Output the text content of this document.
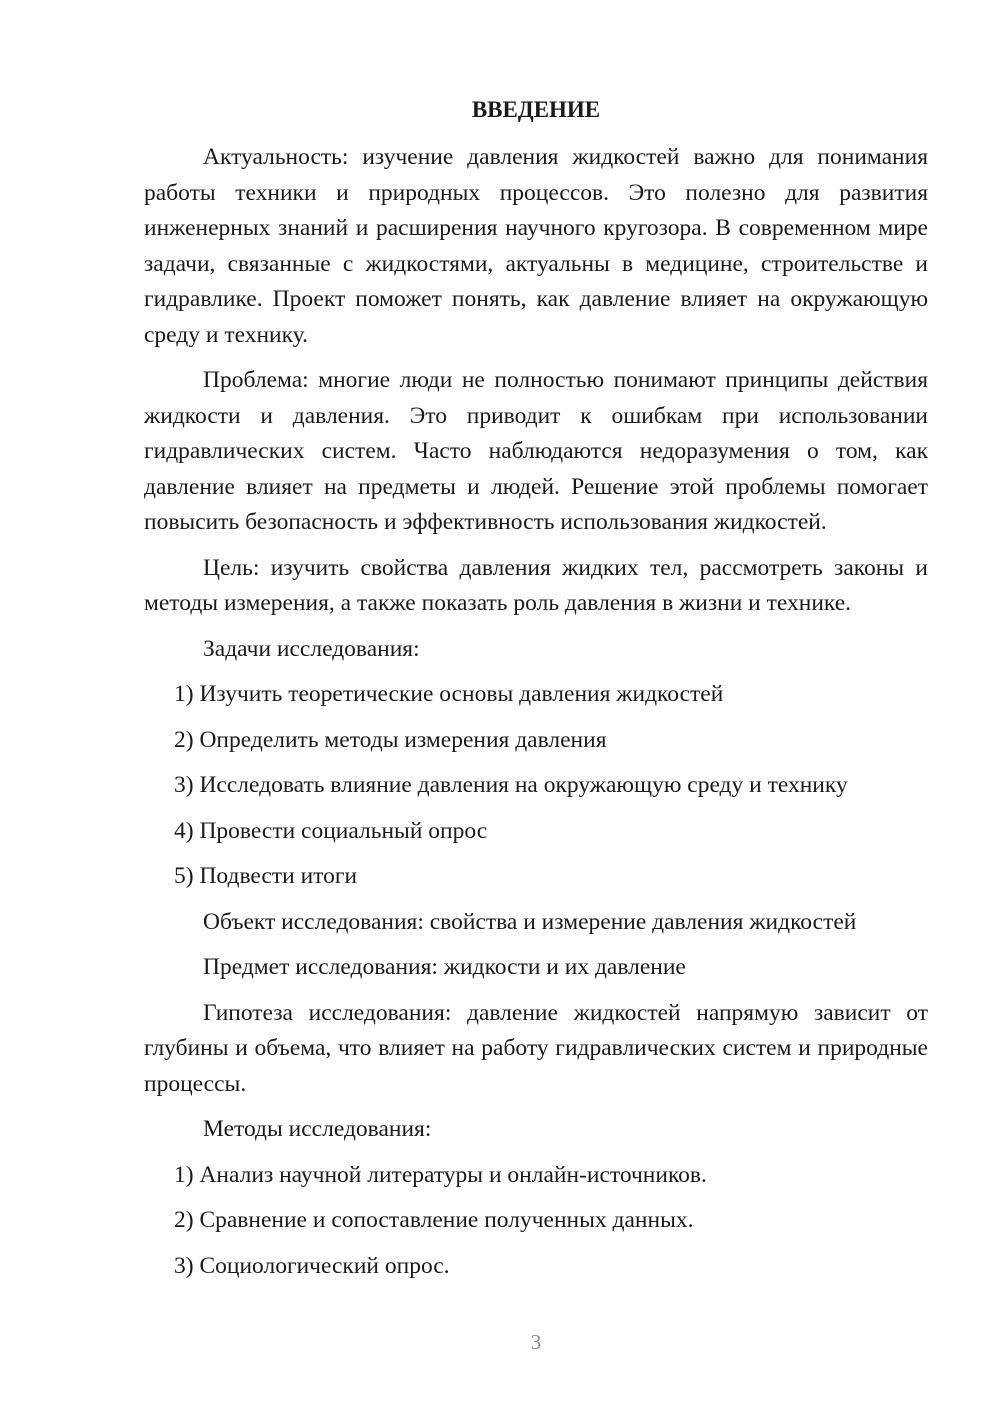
ВВЕДЕНИЕ

Актуальность: изучение давления жидкостей важно для понимания работы техники и природных процессов. Это полезно для развития инженерных знаний и расширения научного кругозора. В современном мире задачи, связанные с жидкостями, актуальны в медицине, строительстве и гидравлике. Проект поможет понять, как давление влияет на окружающую среду и технику.

Проблема: многие люди не полностью понимают принципы действия жидкости и давления. Это приводит к ошибкам при использовании гидравлических систем. Часто наблюдаются недоразумения о том, как давление влияет на предметы и людей. Решение этой проблемы помогает повысить безопасность и эффективность использования жидкостей.

Цель: изучить свойства давления жидких тел, рассмотреть законы и методы измерения, а также показать роль давления в жизни и технике.

Задачи исследования:

1) Изучить теоретические основы давления жидкостей

2) Определить методы измерения давления

3) Исследовать влияние давления на окружающую среду и технику

4) Провести социальный опрос

5) Подвести итоги

Объект исследования: свойства и измерение давления жидкостей

Предмет исследования: жидкости и их давление

Гипотеза исследования: давление жидкостей напрямую зависит от глубины и объема, что влияет на работу гидравлических систем и природные процессы.

Методы исследования:

1) Анализ научной литературы и онлайн-источников.

2) Сравнение и сопоставление полученных данных.

3) Социологический опрос.

3
